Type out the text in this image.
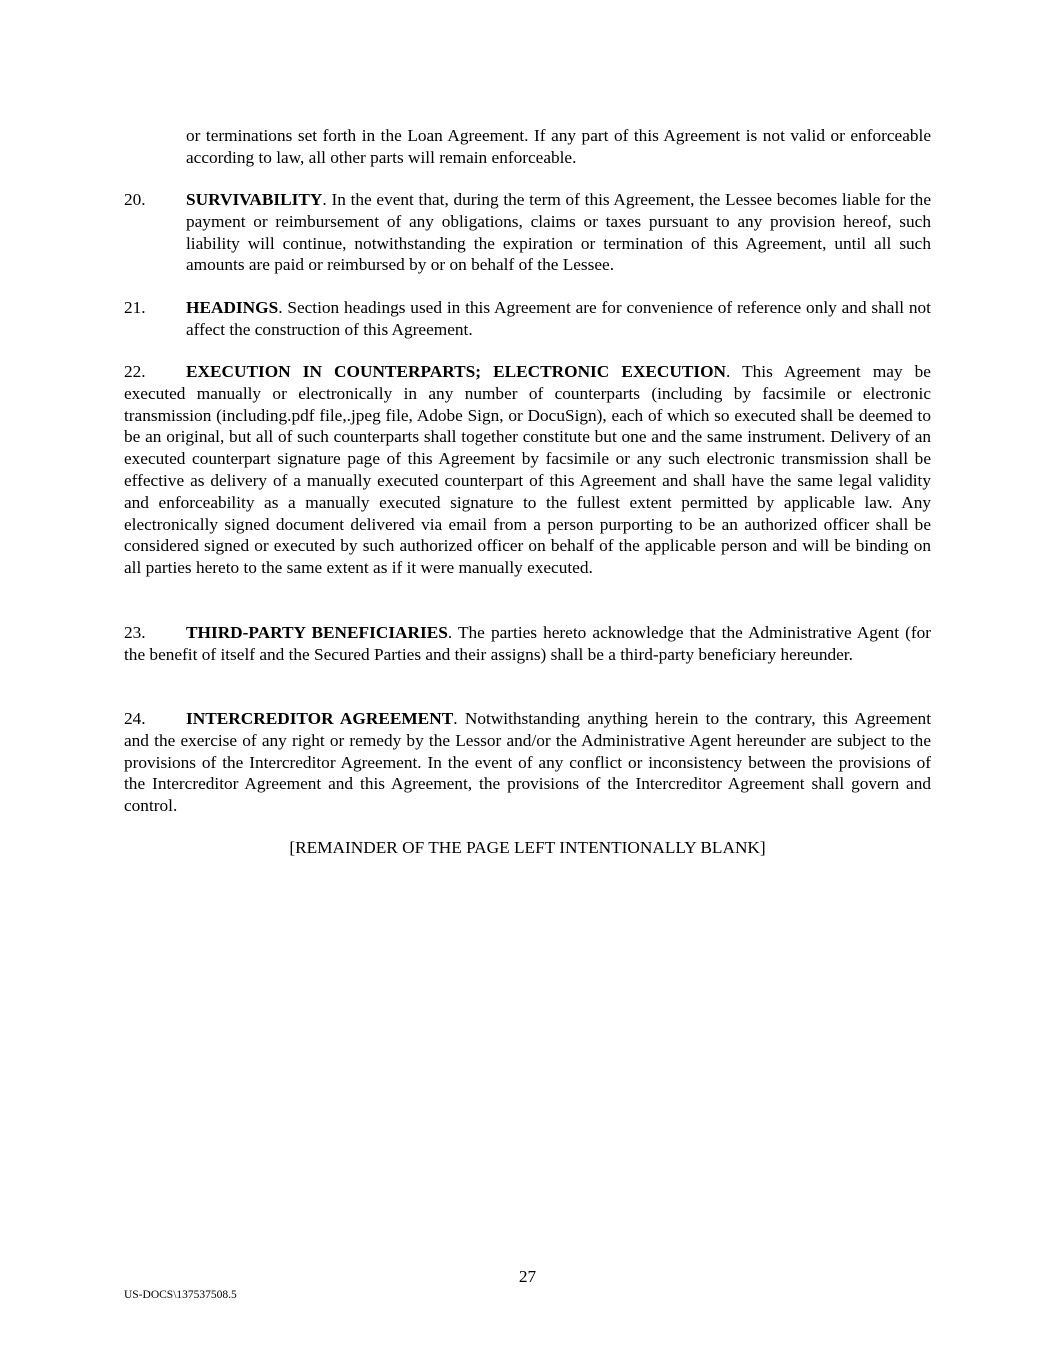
or terminations set forth in the Loan Agreement. If any part of this Agreement is not valid or enforceable according to law, all other parts will remain enforceable.
20. SURVIVABILITY. In the event that, during the term of this Agreement, the Lessee becomes liable for the payment or reimbursement of any obligations, claims or taxes pursuant to any provision hereof, such liability will continue, notwithstanding the expiration or termination of this Agreement, until all such amounts are paid or reimbursed by or on behalf of the Lessee.
21. HEADINGS. Section headings used in this Agreement are for convenience of reference only and shall not affect the construction of this Agreement.
22. EXECUTION IN COUNTERPARTS; ELECTRONIC EXECUTION. This Agreement may be executed manually or electronically in any number of counterparts (including by facsimile or electronic transmission (including.pdf file,.jpeg file, Adobe Sign, or DocuSign), each of which so executed shall be deemed to be an original, but all of such counterparts shall together constitute but one and the same instrument. Delivery of an executed counterpart signature page of this Agreement by facsimile or any such electronic transmission shall be effective as delivery of a manually executed counterpart of this Agreement and shall have the same legal validity and enforceability as a manually executed signature to the fullest extent permitted by applicable law. Any electronically signed document delivered via email from a person purporting to be an authorized officer shall be considered signed or executed by such authorized officer on behalf of the applicable person and will be binding on all parties hereto to the same extent as if it were manually executed.
23. THIRD-PARTY BENEFICIARIES. The parties hereto acknowledge that the Administrative Agent (for the benefit of itself and the Secured Parties and their assigns) shall be a third-party beneficiary hereunder.
24. INTERCREDITOR AGREEMENT. Notwithstanding anything herein to the contrary, this Agreement and the exercise of any right or remedy by the Lessor and/or the Administrative Agent hereunder are subject to the provisions of the Intercreditor Agreement. In the event of any conflict or inconsistency between the provisions of the Intercreditor Agreement and this Agreement, the provisions of the Intercreditor Agreement shall govern and control.
[REMAINDER OF THE PAGE LEFT INTENTIONALLY BLANK]
27
US-DOCS\137537508.5
